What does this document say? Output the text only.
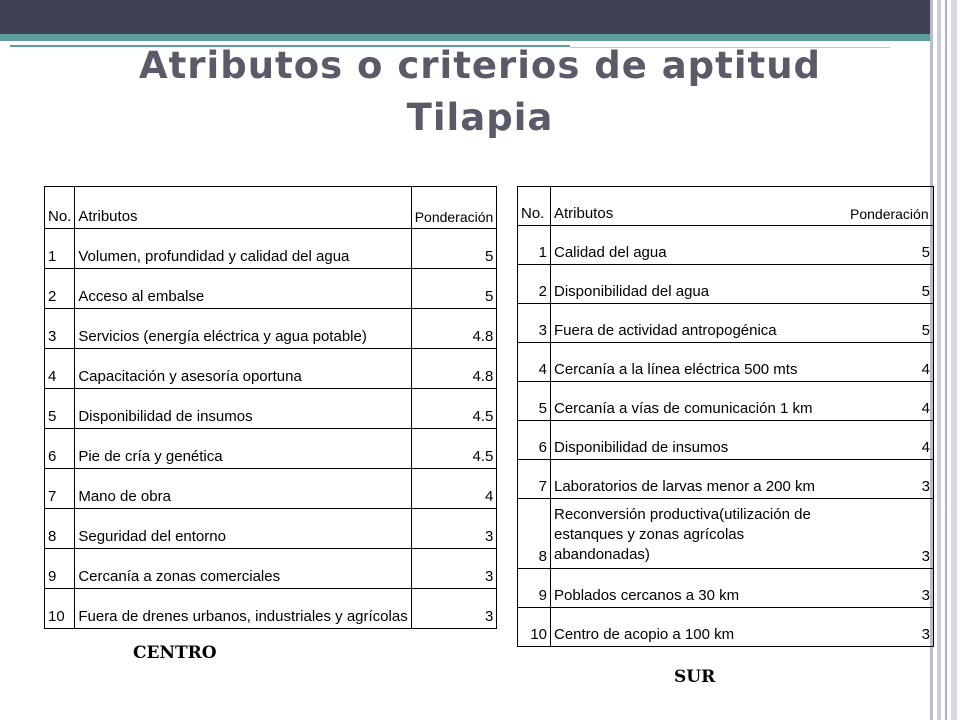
Atributos o criterios de aptitud
Tilapia
No.	Atributos	Ponderación
1	Volumen, profundidad y calidad del agua	5
2	Acceso al embalse	5
3	Servicios (energía eléctrica y agua potable)	4.8
4	Capacitación y asesoría oportuna	4.8
5	Disponibilidad de insumos	4.5
6	Pie de cría y genética	4.5
7	Mano de obra	4
8	Seguridad del entorno	3
9	Cercanía a zonas comerciales	3
10	Fuera de drenes urbanos, industriales y agrícolas	3
No.	Atributos	Ponderación
1	Calidad del agua	5
2	Disponibilidad del agua	5
3	Fuera de actividad antropogénica	5
4	Cercanía a la línea eléctrica 500 mts	4
5	Cercanía a vías de comunicación 1 km	4
6	Disponibilidad de insumos	4
7	Laboratorios de larvas menor a 200 km	3
8	Reconversión productiva(utilización de estanques y zonas agrícolas abandonadas)	3
9	Poblados cercanos a 30 km	3
10	Centro de acopio a 100 km	3
CENTRO
SUR
